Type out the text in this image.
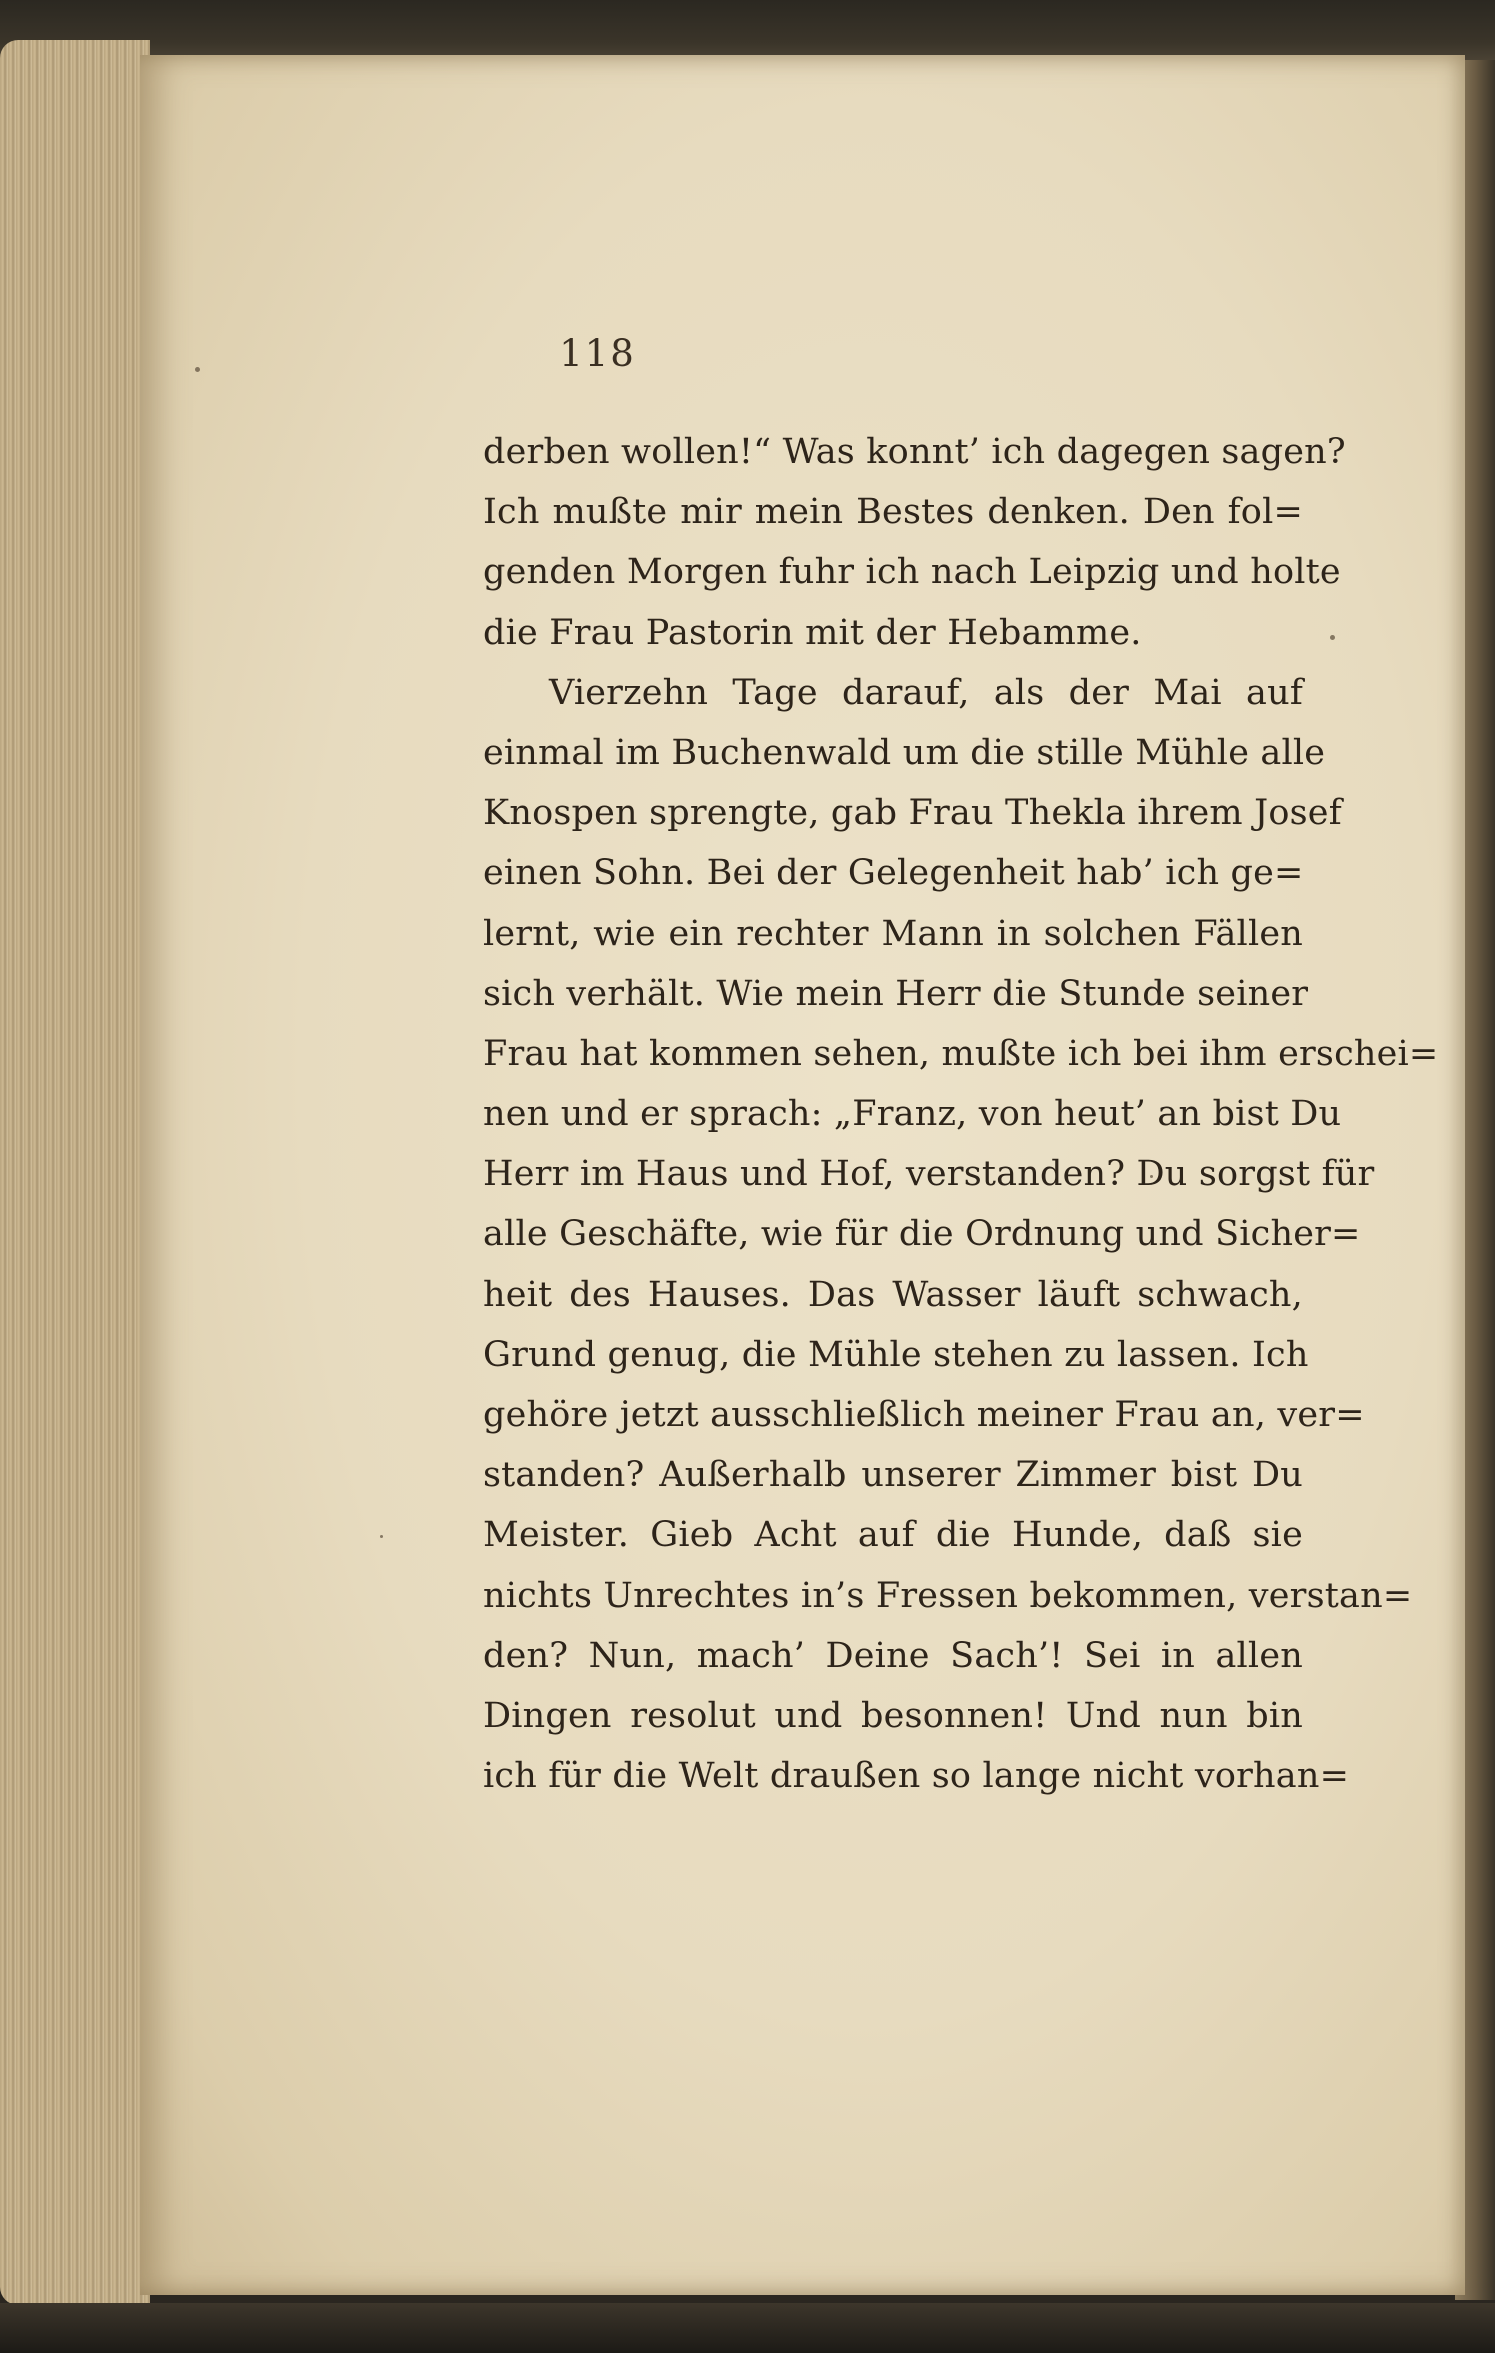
118
derben wollen!“ Was konnt’ ich dagegen sagen?
Ich mußte mir mein Bestes denken. Den fol=
genden Morgen fuhr ich nach Leipzig und holte
die Frau Pastorin mit der Hebamme.
Vierzehn Tage darauf, als der Mai auf
einmal im Buchenwald um die stille Mühle alle
Knospen sprengte, gab Frau Thekla ihrem Josef
einen Sohn. Bei der Gelegenheit hab’ ich ge=
lernt, wie ein rechter Mann in solchen Fällen
sich verhält. Wie mein Herr die Stunde seiner
Frau hat kommen sehen, mußte ich bei ihm erschei=
nen und er sprach: „Franz, von heut’ an bist Du
Herr im Haus und Hof, verstanden? Du sorgst für
alle Geschäfte, wie für die Ordnung und Sicher=
heit des Hauses. Das Wasser läuft schwach,
Grund genug, die Mühle stehen zu lassen. Ich
gehöre jetzt ausschließlich meiner Frau an, ver=
standen? Außerhalb unserer Zimmer bist Du
Meister. Gieb Acht auf die Hunde, daß sie
nichts Unrechtes in’s Fressen bekommen, verstan=
den? Nun, mach’ Deine Sach’! Sei in allen
Dingen resolut und besonnen! Und nun bin
ich für die Welt draußen so lange nicht vorhan=
